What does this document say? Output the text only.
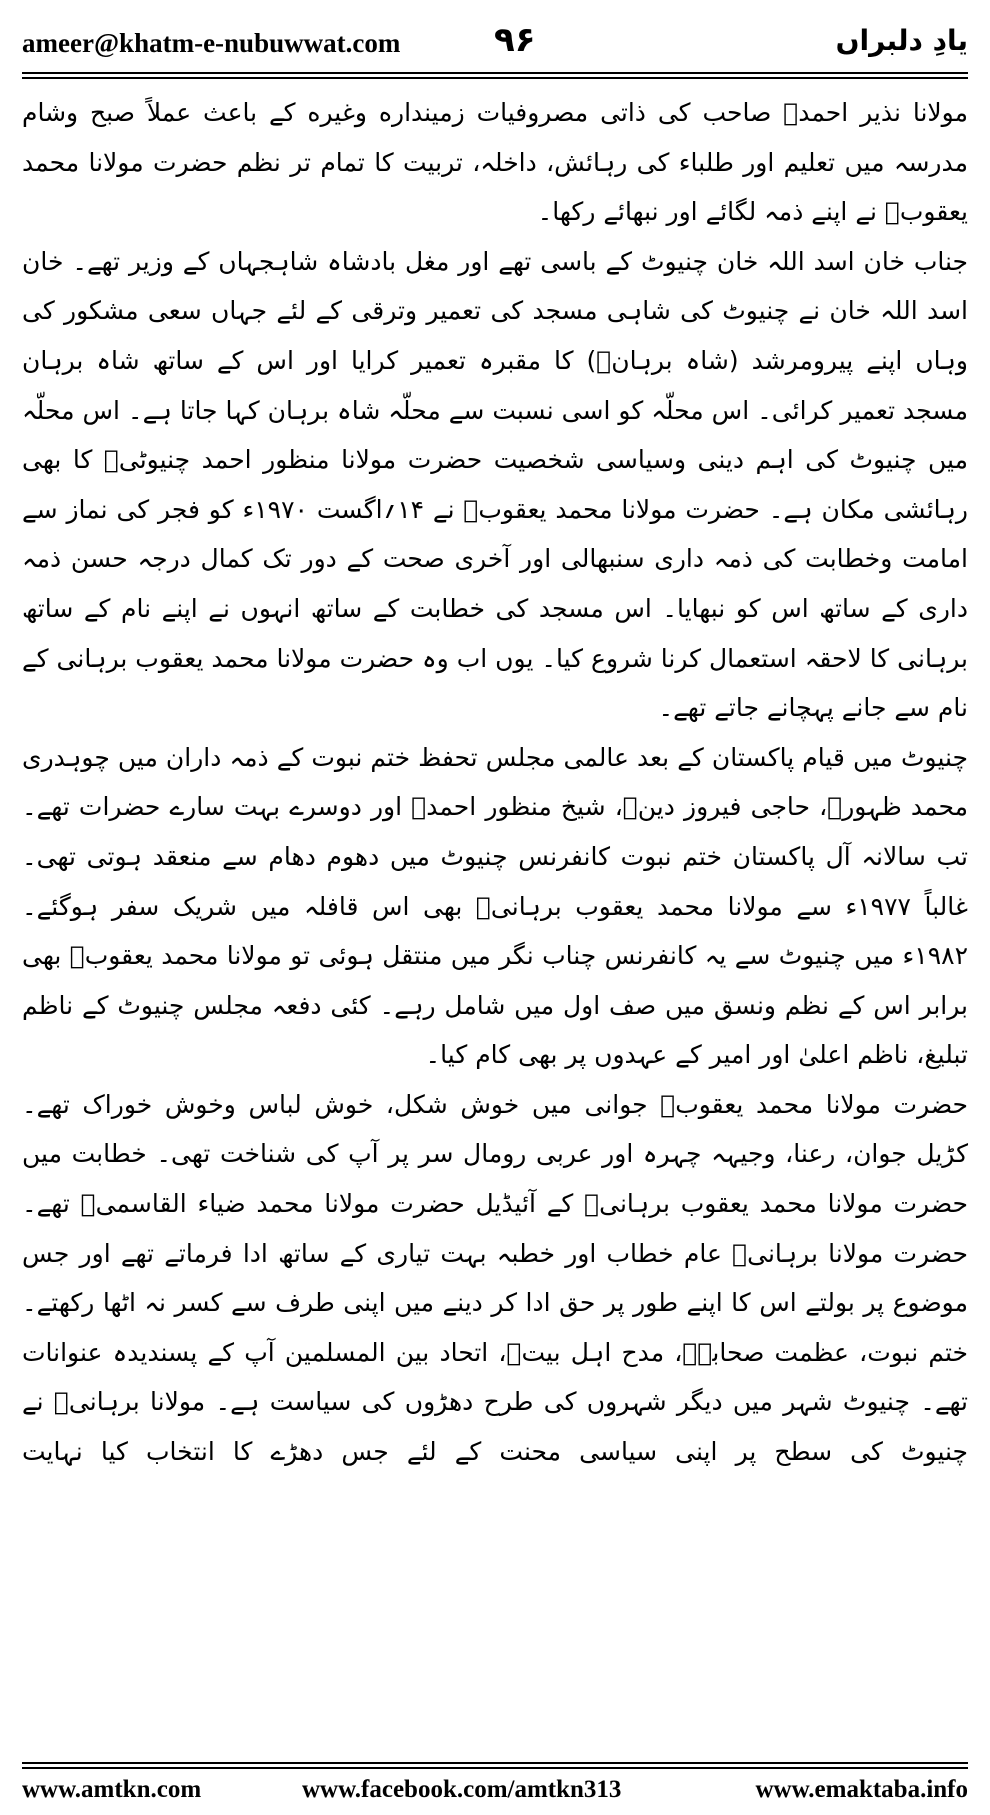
ameer@khatm-e-nubuwwat.com	۹۶	یادِ دلبراں

مولانا نذیر احمدؒ صاحب کی ذاتی مصروفیات زمینداره وغیره کے باعث عملاً صبح وشام مدرسہ میں تعلیم اور طلباء کی رہائش، داخلہ، تربیت کا تمام تر نظم حضرت مولانا محمد یعقوبؒ نے اپنے ذمہ لگائے اور نبھائے رکھا۔

جناب خان اسد اللہ خان چنیوٹ کے باسی تھے اور مغل بادشاہ شاہجہاں کے وزیر تھے۔ خان اسد اللہ خان نے چنیوٹ کی شاہی مسجد کی تعمیر وترقی کے لئے جہاں سعی مشکور کی وہاں اپنے پیرومرشد (شاہ برہانؒ) کا مقبرہ تعمیر کرایا اور اس کے ساتھ شاہ برہان مسجد تعمیر کرائی۔ اس محلّہ کو اسی نسبت سے محلّہ شاہ برہان کہا جاتا ہے۔ اس محلّہ میں چنیوٹ کی اہم دینی وسیاسی شخصیت حضرت مولانا منظور احمد چنیوٹیؒ کا بھی رہائشی مکان ہے۔ حضرت مولانا محمد یعقوبؒ نے ۱۴؍اگست ۱۹۷۰ء کو فجر کی نماز سے امامت وخطابت کی ذمہ داری سنبھالی اور آخری صحت کے دور تک کمال درجہ حسن ذمہ داری کے ساتھ اس کو نبھایا۔ اس مسجد کی خطابت کے ساتھ انہوں نے اپنے نام کے ساتھ برہانی کا لاحقہ استعمال کرنا شروع کیا۔ یوں اب وہ حضرت مولانا محمد یعقوب برہانی کے نام سے جانے پہچانے جاتے تھے۔

چنیوٹ میں قیام پاکستان کے بعد عالمی مجلس تحفظ ختم نبوت کے ذمہ داران میں چوہدری محمد ظہورؒ، حاجی فیروز دینؒ، شیخ منظور احمدؒ اور دوسرے بہت سارے حضرات تھے۔ تب سالانہ آل پاکستان ختم نبوت کانفرنس چنیوٹ میں دھوم دھام سے منعقد ہوتی تھی۔ غالباً ۱۹۷۷ء سے مولانا محمد یعقوب برہانیؒ بھی اس قافلہ میں شریک سفر ہوگئے۔ ۱۹۸۲ء میں چنیوٹ سے یہ کانفرنس چناب نگر میں منتقل ہوئی تو مولانا محمد یعقوبؒ بھی برابر اس کے نظم ونسق میں صف اول میں شامل رہے۔ کئی دفعہ مجلس چنیوٹ کے ناظم تبلیغ، ناظم اعلیٰ اور امیر کے عہدوں پر بھی کام کیا۔

حضرت مولانا محمد یعقوبؒ جوانی میں خوش شکل، خوش لباس وخوش خوراک تھے۔ کڑیل جوان، رعنا، وجیہہ چہرہ اور عربی رومال سر پر آپ کی شناخت تھی۔ خطابت میں حضرت مولانا محمد یعقوب برہانیؒ کے آئیڈیل حضرت مولانا محمد ضیاء القاسمیؒ تھے۔ حضرت مولانا برہانیؒ عام خطاب اور خطبہ بہت تیاری کے ساتھ ادا فرماتے تھے اور جس موضوع پر بولتے اس کا اپنے طور پر حق ادا کر دینے میں اپنی طرف سے کسر نہ اٹھا رکھتے۔ ختم نبوت، عظمت صحابہؓ، مدح اہل بیتؓ، اتحاد بین المسلمین آپ کے پسندیدہ عنوانات تھے۔ چنیوٹ شہر میں دیگر شہروں کی طرح دھڑوں کی سیاست ہے۔ مولانا برہانیؒ نے چنیوٹ کی سطح پر اپنی سیاسی محنت کے لئے جس دھڑے کا انتخاب کیا نہایت

www.amtkn.com	www.facebook.com/amtkn313	www.emaktaba.info
